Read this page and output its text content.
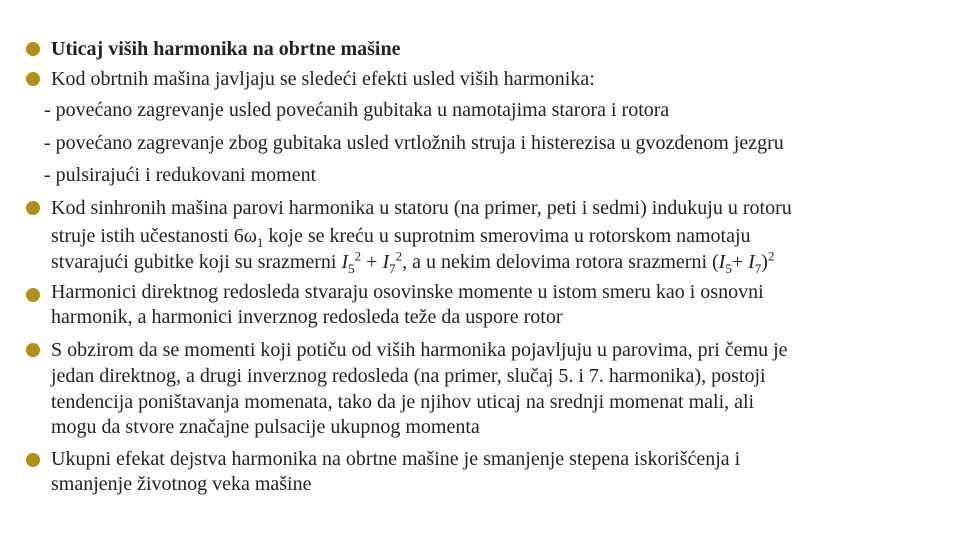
Uticaj viših harmonika na obrtne mašine
Kod obrtnih mašina javljaju se sledeći efekti usled viših harmonika:
- povećano zagrevanje usled povećanih gubitaka u namotajima starora i rotora
- povećano zagrevanje zbog gubitaka usled vrtložnih struja i histerezisa u gvozdenom jezgru
- pulsirajući i redukovani moment
Kod sinhronih mašina parovi harmonika u statoru (na primer, peti i sedmi) indukuju u rotoru
struje istih učestanosti $6\omega_1$ koje se kreću u suprotnim smerovima u rotorskom namotaju
stvarajući gubitke koji su srazmerni $I_5^2 + I_7^2$, a u nekim delovima rotora srazmerni $(I_5+ I_7)^2$
Harmonici direktnog redosleda stvaraju osovinske momente u istom smeru kao i osnovni
harmonik, a harmonici inverznog redosleda teže da uspore rotor
S obzirom da se momenti koji potiču od viših harmonika pojavljuju u parovima, pri čemu je
jedan direktnog, a drugi inverznog redosleda (na primer, slučaj 5. i 7. harmonika), postoji
tendencija poništavanja momenata, tako da je njihov uticaj na srednji momenat mali, ali
mogu da stvore značajne pulsacije ukupnog momenta
Ukupni efekat dejstva harmonika na obrtne mašine je smanjenje stepena iskorišćenja i
smanjenje životnog veka mašine
